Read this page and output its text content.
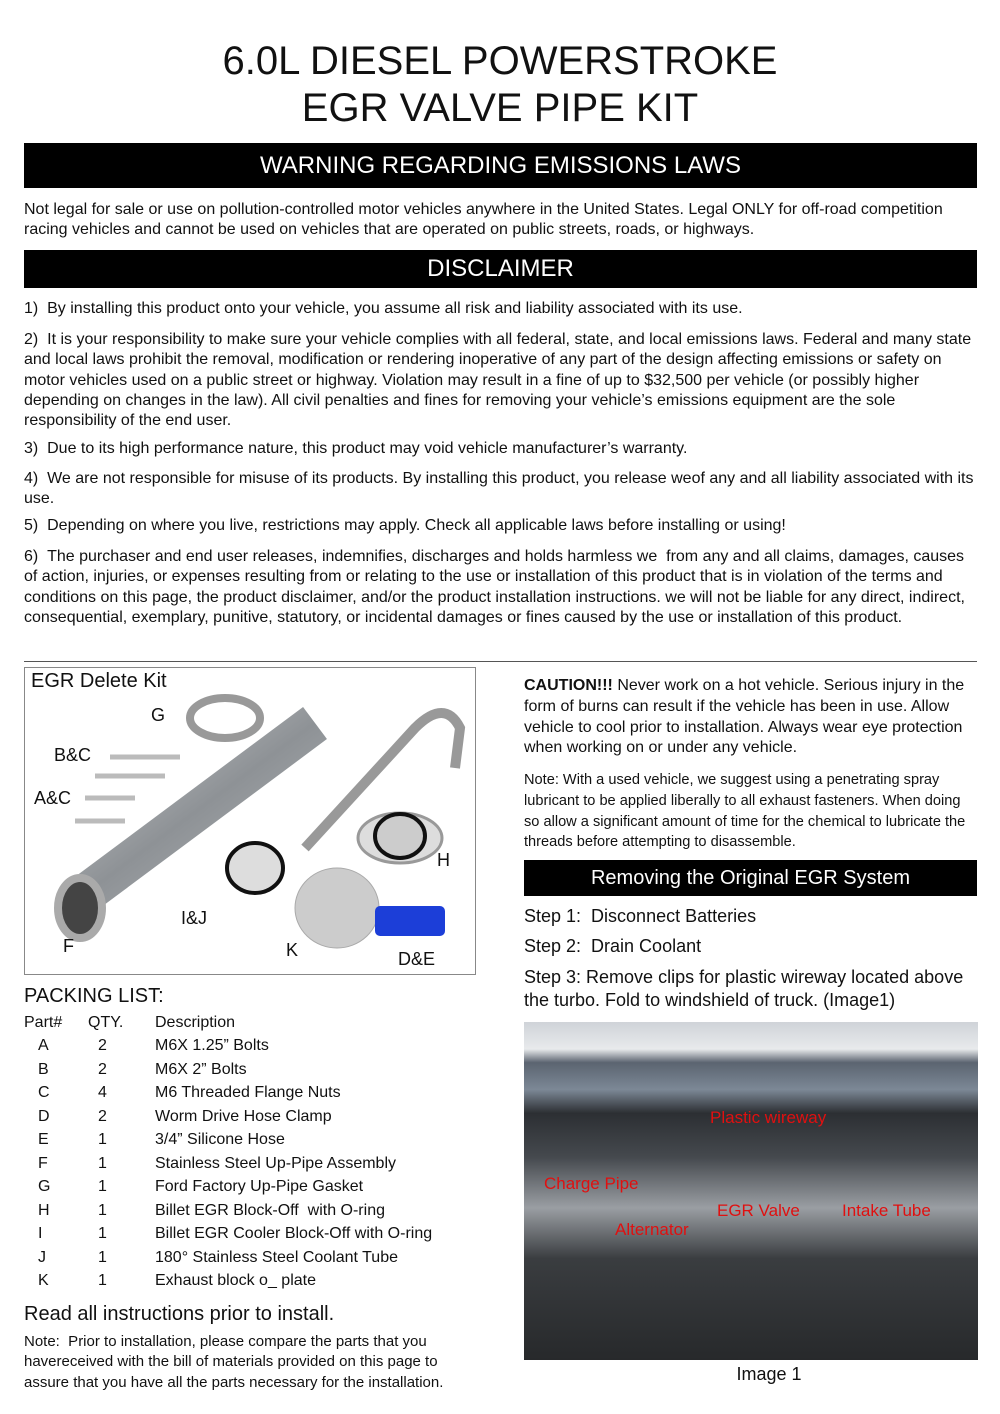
6.0L DIESEL POWERSTROKE
EGR VALVE PIPE KIT
WARNING REGARDING EMISSIONS LAWS
Not legal for sale or use on pollution-controlled motor vehicles anywhere in the United States. Legal ONLY for off-road competition racing vehicles and cannot be used on vehicles that are operated on public streets, roads, or highways.
DISCLAIMER
1)  By installing this product onto your vehicle, you assume all risk and liability associated with its use.
2)  It is your responsibility to make sure your vehicle complies with all federal, state, and local emissions laws. Federal and many state and local laws prohibit the removal, modification or rendering inoperative of any part of the design affecting emissions or safety on motor vehicles used on a public street or highway. Violation may result in a fine of up to $32,500 per vehicle (or possibly higher depending on changes in the law). All civil penalties and fines for removing your vehicle’s emissions equipment are the sole responsibility of the end user.
3)  Due to its high performance nature, this product may void vehicle manufacturer’s warranty.
4)  We are not responsible for misuse of its products. By installing this product, you release weof any and all liability associated with its use.
5)  Depending on where you live, restrictions may apply. Check all applicable laws before installing or using!
6)  The purchaser and end user releases, indemnifies, discharges and holds harmless we  from any and all claims, damages, causes of action, injuries, or expenses resulting from or relating to the use or installation of this product that is in violation of the terms and conditions on this page, the product disclaimer, and/or the product installation instructions. we will not be liable for any direct, indirect, consequential, exemplary, punitive, statutory, or incidental damages or fines caused by the use or installation of this product.
EGR Delete Kit
G
B&C
A&C
H
I&J
F	K	D&E
PACKING LIST:
Part# QTY. Description
A	2	M6X 1.25” Bolts
B	2	M6X 2” Bolts
C	4	M6 Threaded Flange Nuts
D	2	Worm Drive Hose Clamp
E	1	3/4” Silicone Hose
F	1	Stainless Steel Up-Pipe Assembly
G	1	Ford Factory Up-Pipe Gasket
H	1	Billet EGR Block-Off  with O-ring
I	1	Billet EGR Cooler Block-Off with O-ring
J	1	180° Stainless Steel Coolant Tube
K	1	Exhaust block o_ plate
Read all instructions prior to install.
Note:  Prior to installation, please compare the parts that you havereceived with the bill of materials provided on this page to assure that you have all the parts necessary for the installation.
CAUTION!!! Never work on a hot vehicle. Serious injury in the form of burns can result if the vehicle has been in use. Allow vehicle to cool prior to installation. Always wear eye protection when working on or under any vehicle.
Note: With a used vehicle, we suggest using a penetrating spray lubricant to be applied liberally to all exhaust fasteners. When doing so allow a significant amount of time for the chemical to lubricate the threads before attempting to disassemble.
Removing the Original EGR System
Step 1:  Disconnect Batteries
Step 2:  Drain Coolant
Step 3: Remove clips for plastic wireway located above the turbo. Fold to windshield of truck. (Image1)
Plastic wireway
Charge Pipe
EGR Valve Intake Tube
Alternator
Image 1
